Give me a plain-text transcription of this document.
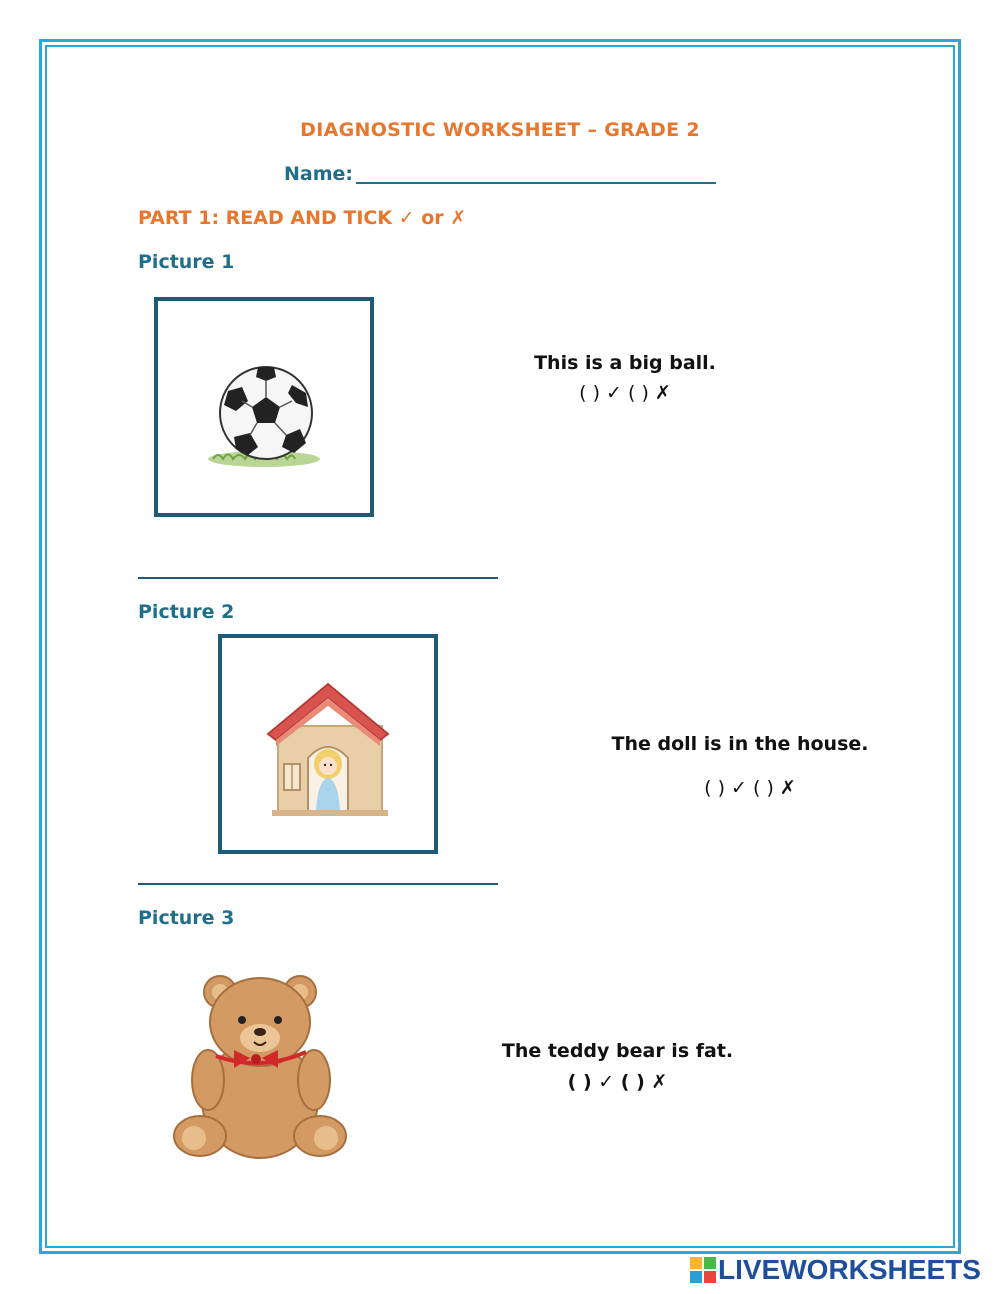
DIAGNOSTIC WORKSHEET – GRADE 2
Name:
PART 1: READ AND TICK ✓ or ✗
Picture 1
This is a big ball.
( ) ✓ ( ) ✗
Picture 2
The doll is in the house.
( ) ✓ ( ) ✗
Picture 3
The teddy bear is fat.
( ) ✓ ( ) ✗
LIVEWORKSHEETS
